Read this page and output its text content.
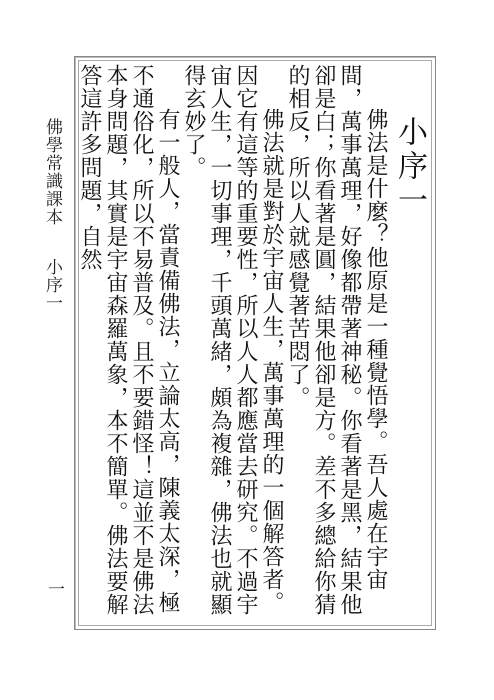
小序一
佛法是什麼？他原是一種覺悟學。吾人處在宇宙間，萬事萬理，好像都帶著神秘。你看著是黑，結果他卻是白；你看著是圓，結果他卻是方。差不多總給你猜的相反，所以人就感覺著苦悶了。
佛法就是對於宇宙人生，萬事萬理的一個解答者。因它有這等的重要性，所以人人都應當去研究。不過宇宙人生，一切事理，千頭萬緒，頗為複雜，佛法也就顯得玄妙了。
有一般人，當責備佛法，立論太高，陳義太深，極不通俗化，所以不易普及。且不要錯怪！這並不是佛法本身問題，其實是宇宙森羅萬象，本不簡單。佛法要解答這許多問題，自然
佛學常識課本小序一
一
